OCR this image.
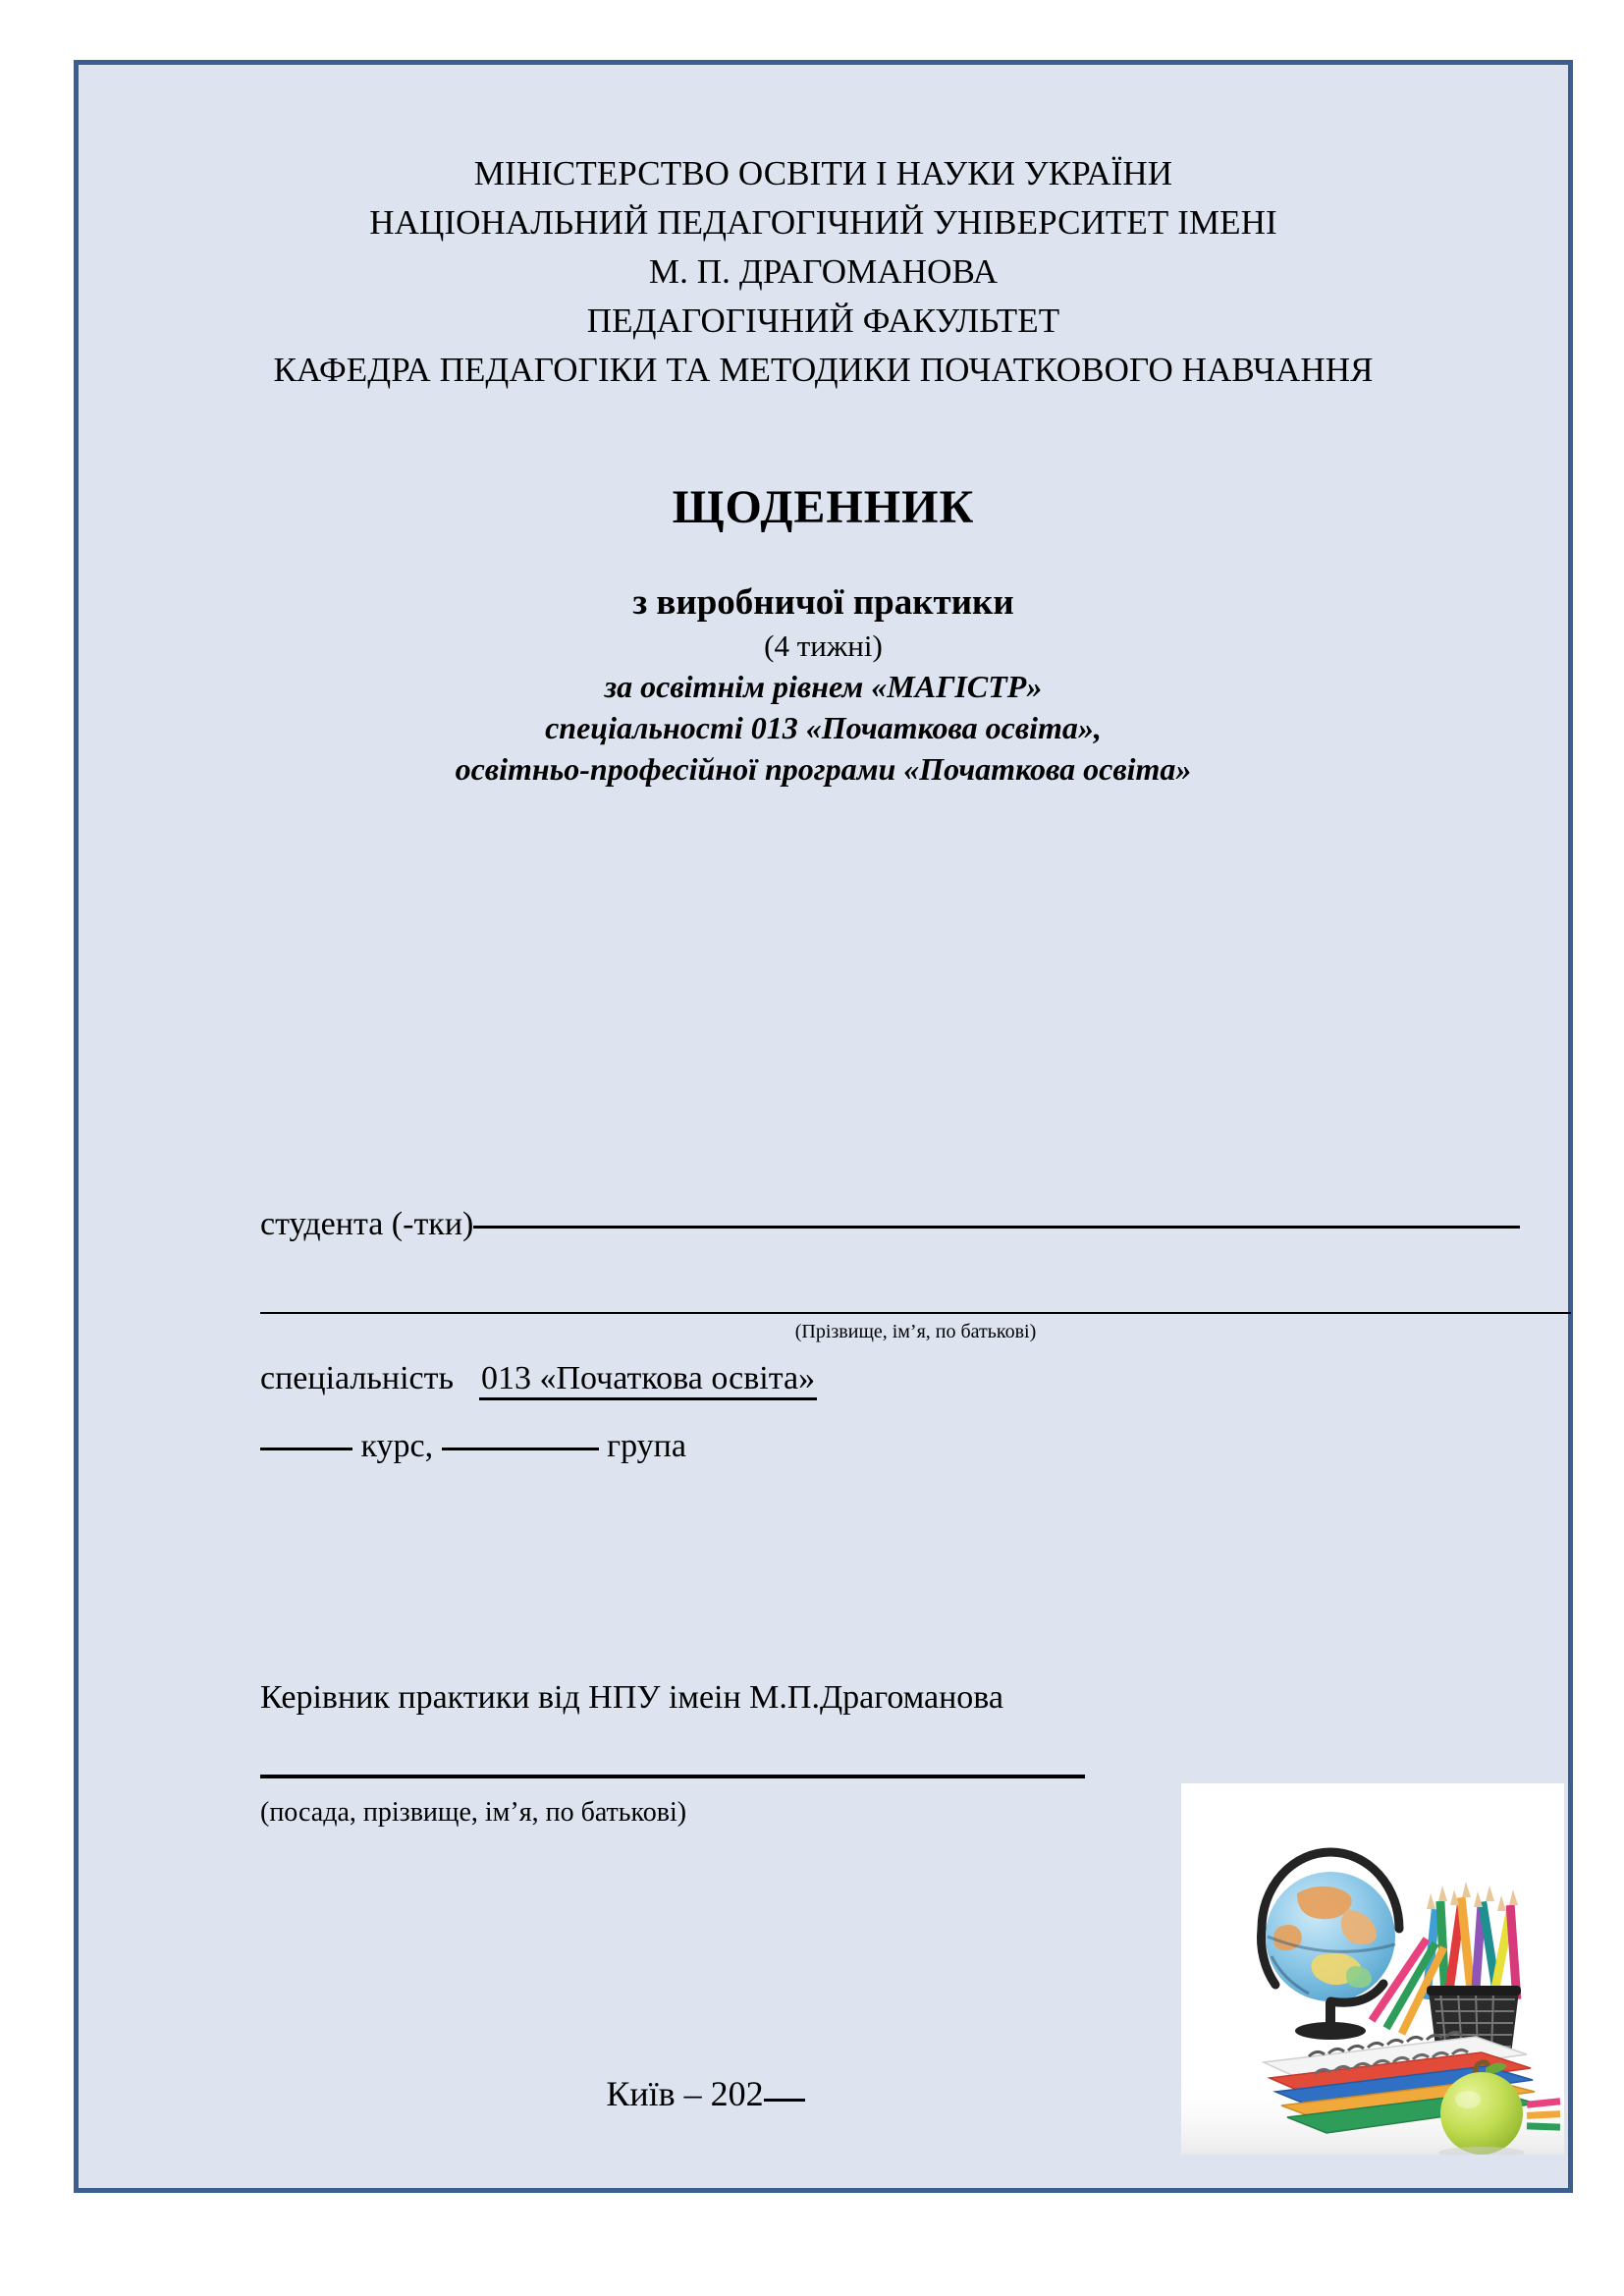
МІНІСТЕРСТВО ОСВІТИ І НАУКИ УКРАЇНИ
НАЦІОНАЛЬНИЙ ПЕДАГОГІЧНИЙ УНІВЕРСИТЕТ ІМЕНІ
М. П. ДРАГОМАНОВА
ПЕДАГОГІЧНИЙ ФАКУЛЬТЕТ
КАФЕДРА ПЕДАГОГІКИ ТА МЕТОДИКИ ПОЧАТКОВОГО НАВЧАННЯ
ЩОДЕННИК
з виробничої практики
(4 тижні)
за освітнім рівнем «МАГІСТР»
спеціальності 013 «Початкова освіта»,
освітньо-професійної програми «Початкова освіта»
студента (-тки)
(Прізвище, ім’я, по батькові)
спеціальність 013 «Початкова освіта»
курс,	група
Керівник практики від НПУ імеін М.П.Драгоманова
(посада, прізвище, ім’я, по батькові)
Київ – 202
